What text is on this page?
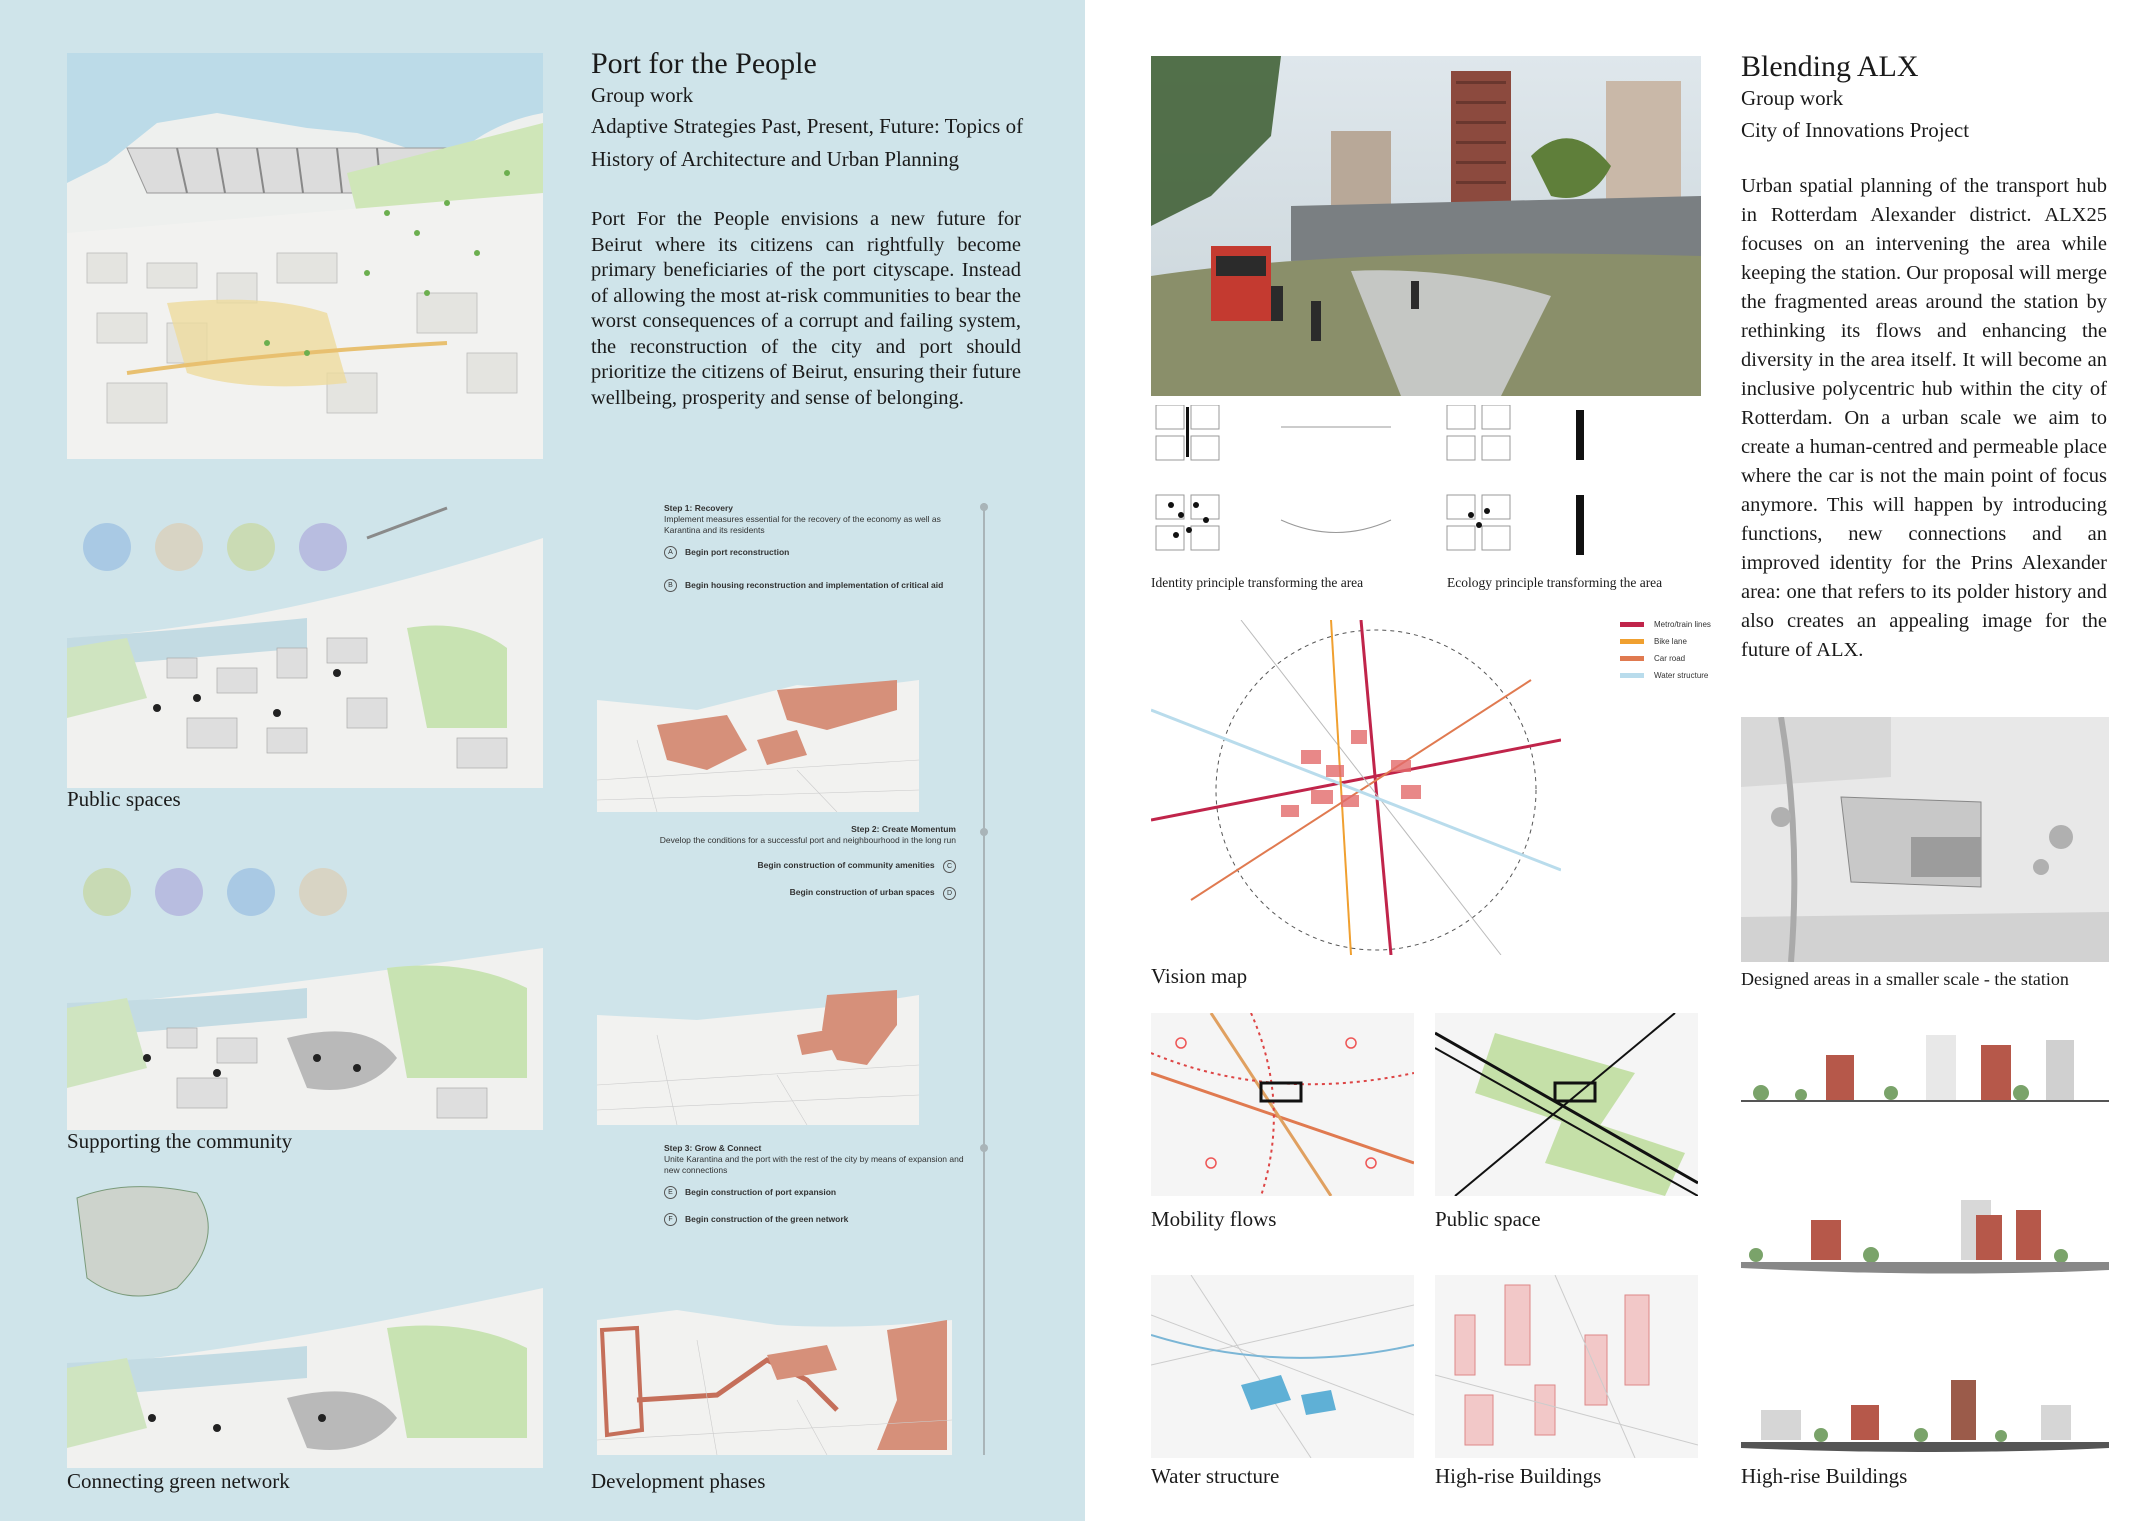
Port for the People
Group work
Adaptive Strategies Past, Present, Future: Topics of History of Architecture and Urban Planning
Port For the People envisions a new future for Beirut where its citizens can rightfully become primary beneficiaries of the port cityscape. Instead of allowing the most at-risk communities to bear the worst consequences of a corrupt and failing system, the reconstruction of the city and port should prioritize the citizens of Beirut, ensuring their future wellbeing, prosperity and sense of belonging.
Public spaces
Supporting the community
Connecting green network
Step 1: Recovery
Implement measures essential for the recovery of the economy as well as Karantina and its residents
A	Begin port reconstruction
B	Begin housing reconstruction and implementation of critical aid
Step 2: Create Momentum
Develop the conditions for a successful port and neighbourhood in the long run
Begin construction of community amenities C
Begin construction of urban spaces D
Step 3: Grow & Connect
Unite Karantina and the port with the rest of the city by means of expansion and new connections
E	Begin construction of port expansion
F	Begin construction of the green network
Development phases
Blending ALX
Group work
City of Innovations Project
Urban spatial planning of the transport hub in Rotterdam Alexander district. ALX25 focuses on an intervening the area while keeping the station. Our proposal will merge the fragmented areas around the station by rethinking its flows and enhancing the diversity in the area itself. It will become an inclusive polycentric hub within the city of Rotterdam. On a urban scale we aim to create a human-centred and permeable place where the car is not the main point of focus anymore. This will happen by introducing functions, new connections and an improved identity for the Prins Alexander area: one that refers to its polder history and also creates an appealing image for the future of ALX.
Identity principle transforming the area	Ecology principle transforming the area
Metro/train lines
Bike lane
Car road
Water structure
Vision map	Designed areas in a smaller scale - the station
Mobility flows	Public space
Water structure	High-rise Buildings	High-rise Buildings
